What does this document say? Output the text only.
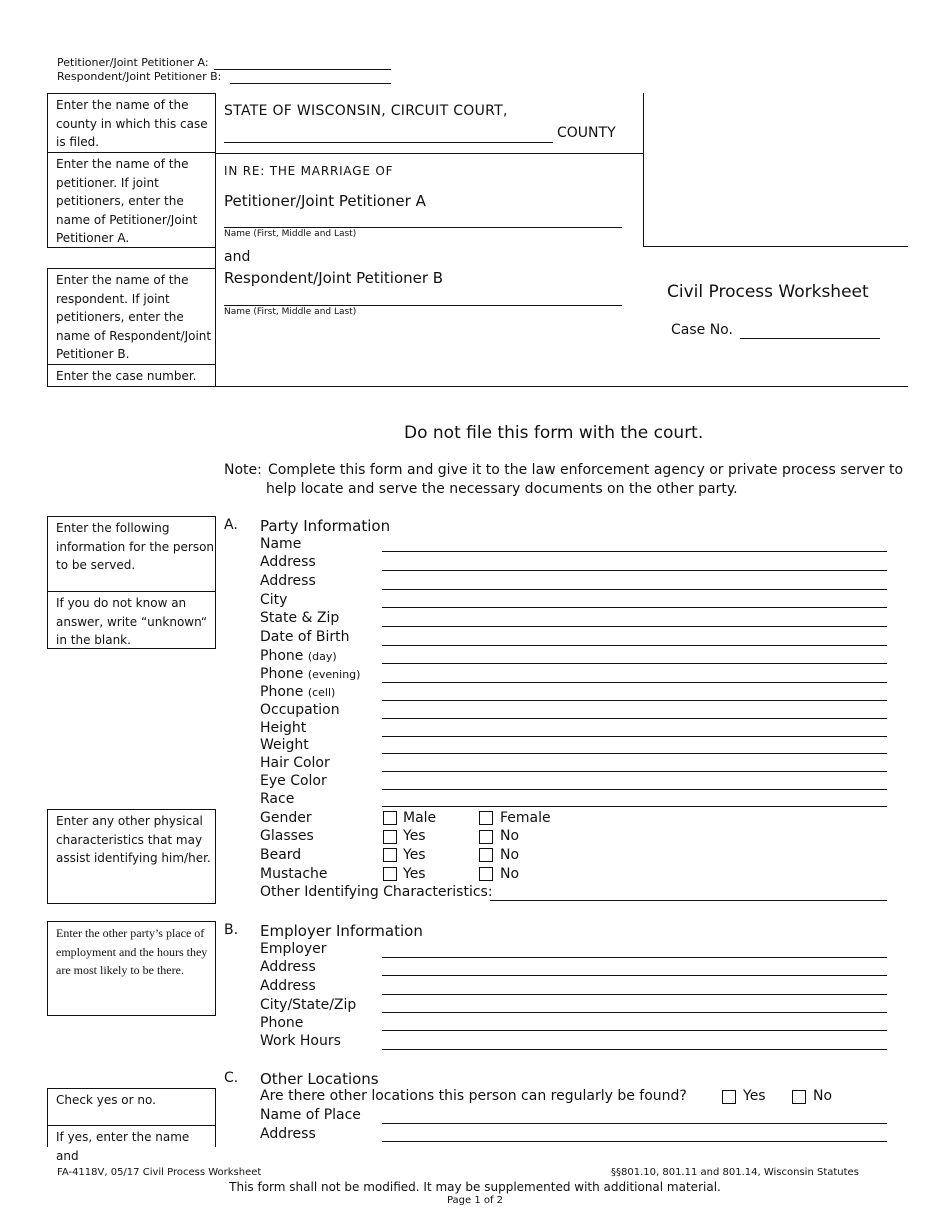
Petitioner/Joint Petitioner A:
Respondent/Joint Petitioner B:
Enter the name of the county in which this case is filed.
Enter the name of the petitioner. If joint petitioners, enter the name of Petitioner/Joint Petitioner A.
Enter the name of the respondent. If joint petitioners, enter the name of Respondent/Joint Petitioner B.
Enter the case number.
STATE OF WISCONSIN, CIRCUIT COURT,
COUNTY
IN RE: THE MARRIAGE OF
Petitioner/Joint Petitioner A
Name (First, Middle and Last)
and
Respondent/Joint Petitioner B
Name (First, Middle and Last)
Civil Process Worksheet
Case No.
Do not file this form with the court.
Note: Complete this form and give it to the law enforcement agency or private process server to
help locate and serve the necessary documents on the other party.
Enter the following information for the person to be served.
If you do not know an answer, write “unknown“ in the blank.
Enter any other physical characteristics that may assist identifying him/her.
A. Party Information
Name
Address
Address
City
State & Zip
Date of Birth
Phone (day)
Phone (evening)
Phone (cell)
Occupation
Height
Weight
Hair Color
Eye Color
Race
Gender	Male	Female
Glasses	Yes	No
Beard	Yes	No
Mustache	Yes	No
Other Identifying Characteristics:
Enter the other party’s place of employment and the hours they are most likely to be there.
B. Employer Information
Employer
Address
Address
City/State/Zip
Phone
Work Hours
Check yes or no.
If yes, enter the name and
C. Other Locations
Are there other locations this person can regularly be found?	Yes	No
Name of Place
Address
FA-4118V, 05/17 Civil Process Worksheet	§§801.10, 801.11 and 801.14, Wisconsin Statutes
This form shall not be modified. It may be supplemented with additional material.
Page 1 of 2
